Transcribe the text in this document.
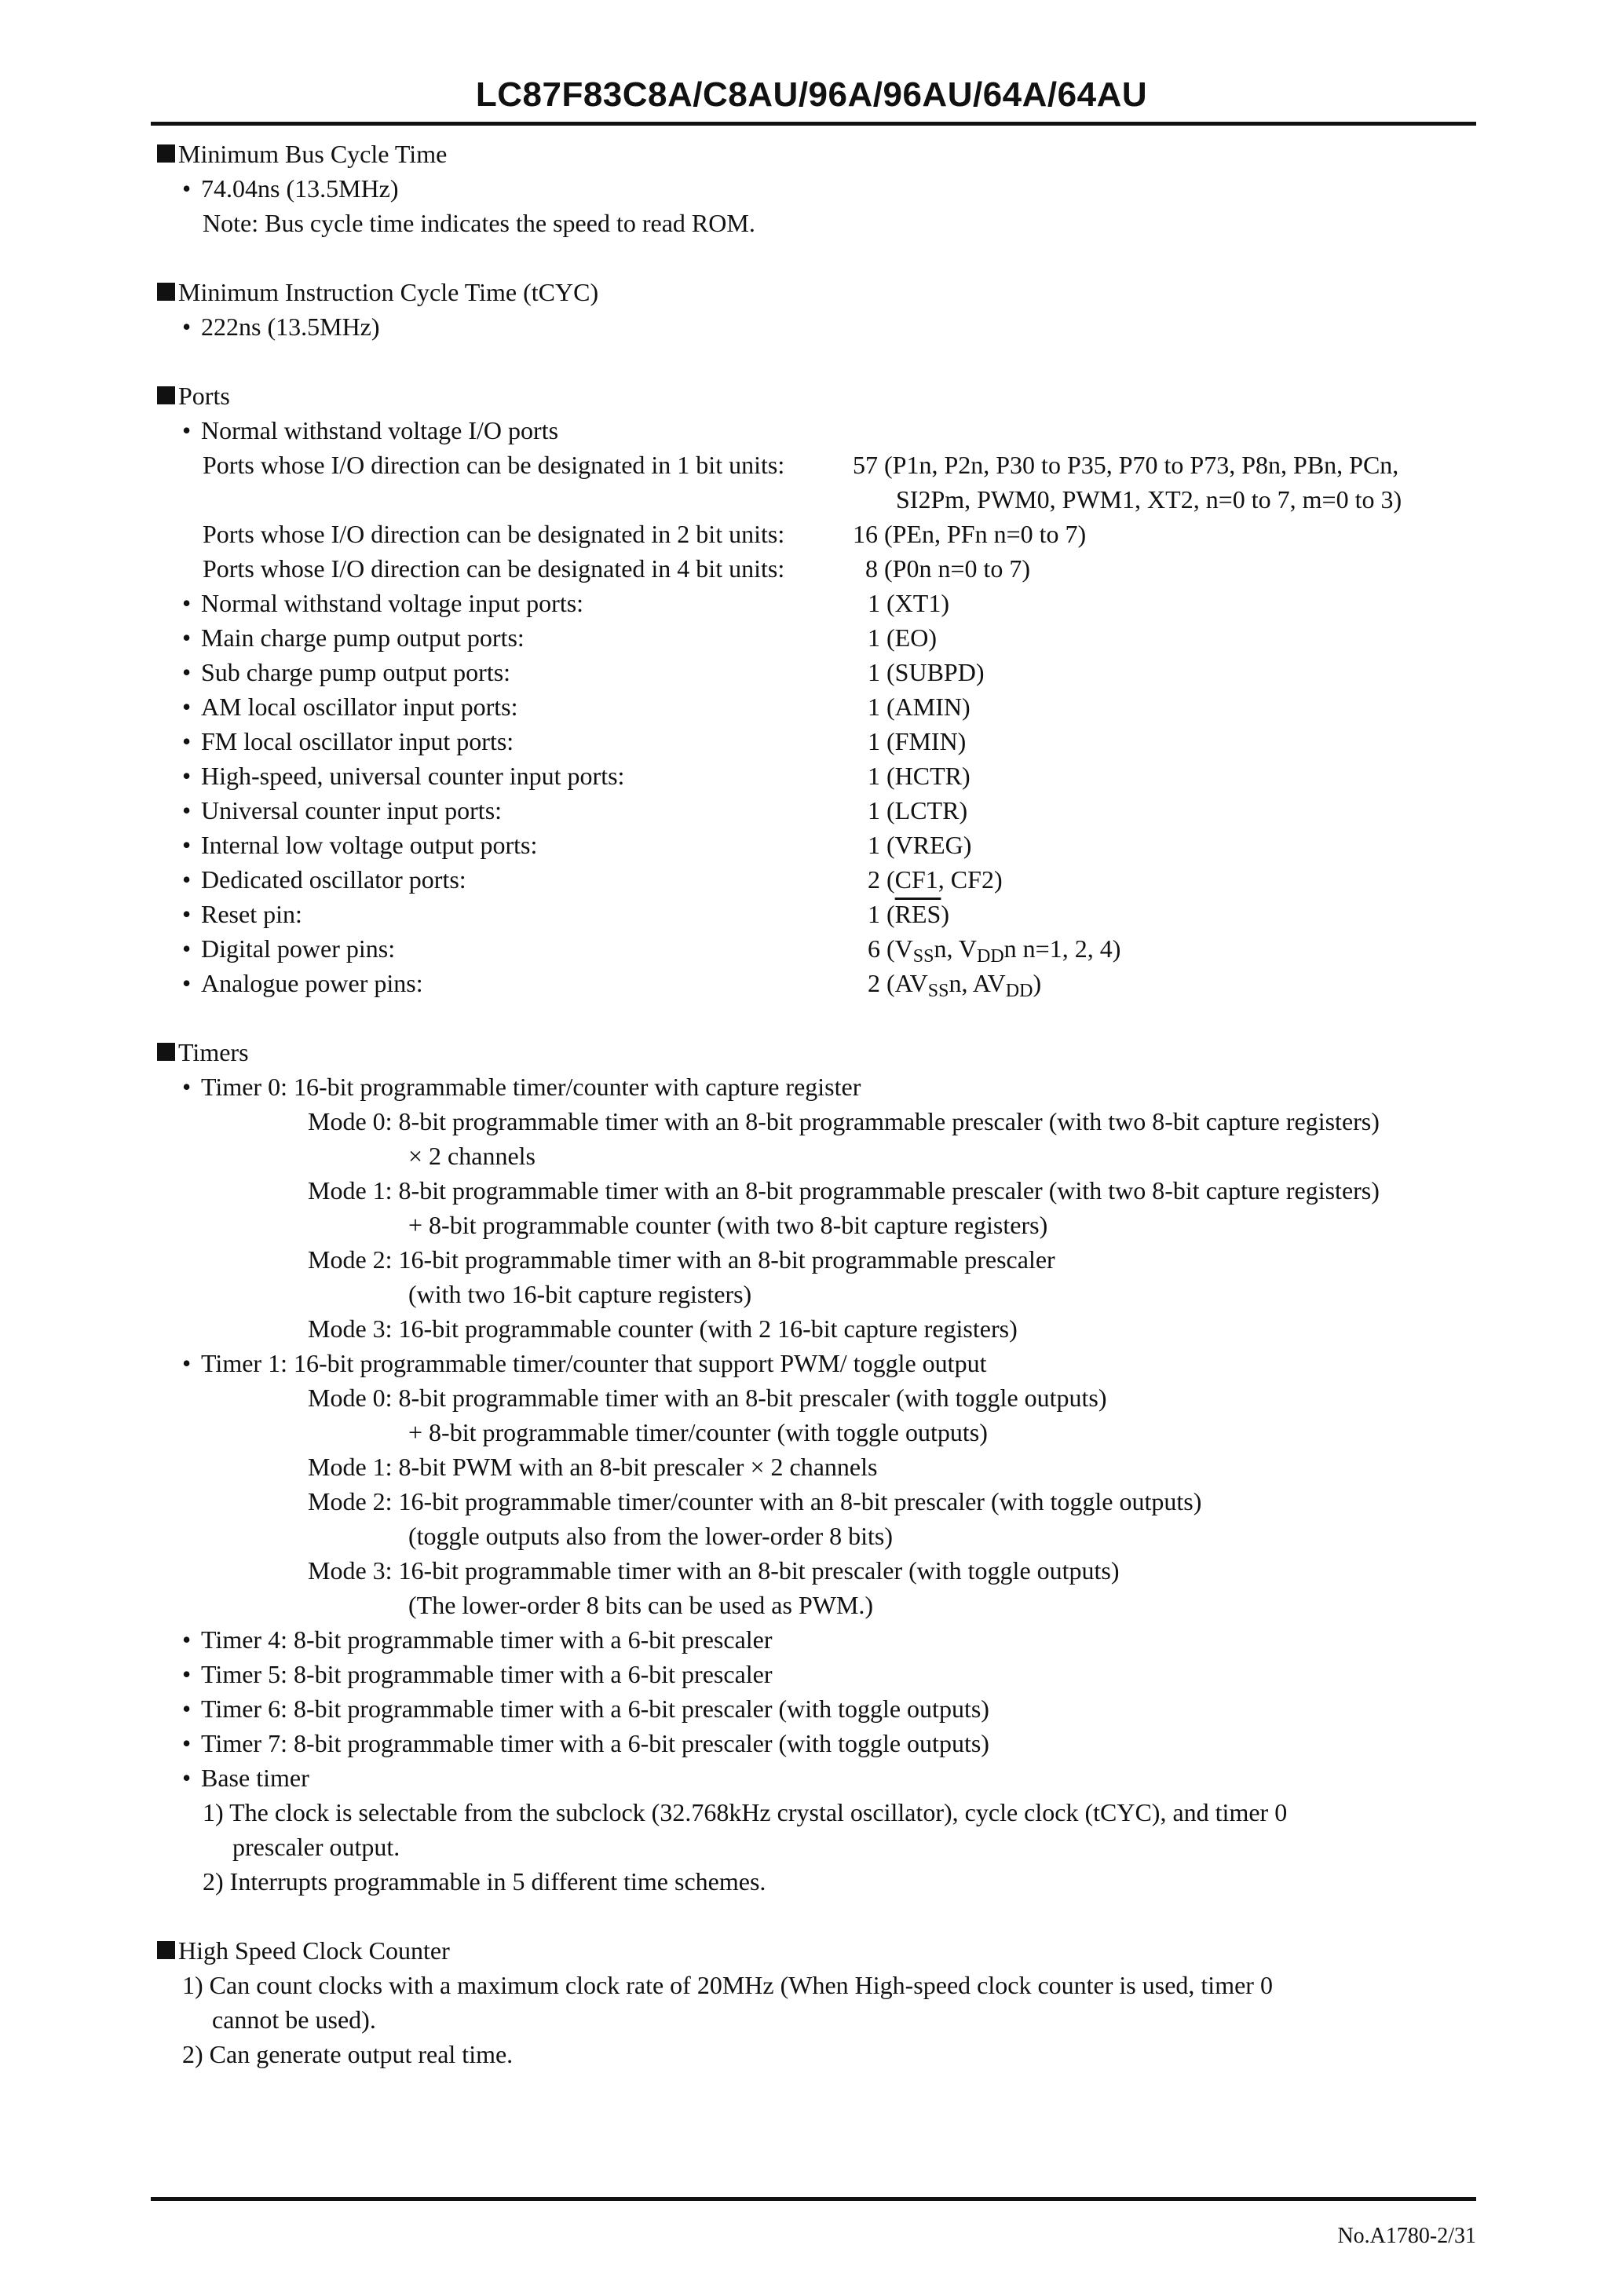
LC87F83C8A/C8AU/96A/96AU/64A/64AU
Minimum Bus Cycle Time
• 74.04ns (13.5MHz)
Note: Bus cycle time indicates the speed to read ROM.
Minimum Instruction Cycle Time (tCYC)
• 222ns (13.5MHz)
Ports
• Normal withstand voltage I/O ports
Ports whose I/O direction can be designated in 1 bit units:	57 (P1n, P2n, P30 to P35, P70 to P73, P8n, PBn, PCn,
SI2Pm, PWM0, PWM1, XT2, n=0 to 7, m=0 to 3)
Ports whose I/O direction can be designated in 2 bit units:	16 (PEn, PFn n=0 to 7)
Ports whose I/O direction can be designated in 4 bit units:	8 (P0n n=0 to 7)
• Normal withstand voltage input ports:	1 (XT1)
• Main charge pump output ports:	1 (EO)
• Sub charge pump output ports:	1 (SUBPD)
• AM local oscillator input ports:	1 (AMIN)
• FM local oscillator input ports:	1 (FMIN)
• High-speed, universal counter input ports:	1 (HCTR)
• Universal counter input ports:	1 (LCTR)
• Internal low voltage output ports:	1 (VREG)
• Dedicated oscillator ports:	2 (CF1, CF2)
• Reset pin:	1 $(\overline{RES})$
• Digital power pins:	6 ($V_{SS}n$, $V_{DD}n$ n=1, 2, 4)
• Analogue power pins:	2 ($AV_{SS}n$, $AV_{DD}$)
Timers
• Timer 0: 16-bit programmable timer/counter with capture register
Mode 0: 8-bit programmable timer with an 8-bit programmable prescaler (with two 8-bit capture registers)
× 2 channels
Mode 1: 8-bit programmable timer with an 8-bit programmable prescaler (with two 8-bit capture registers)
+ 8-bit programmable counter (with two 8-bit capture registers)
Mode 2: 16-bit programmable timer with an 8-bit programmable prescaler
(with two 16-bit capture registers)
Mode 3: 16-bit programmable counter (with 2 16-bit capture registers)
• Timer 1: 16-bit programmable timer/counter that support PWM/ toggle output
Mode 0: 8-bit programmable timer with an 8-bit prescaler (with toggle outputs)
+ 8-bit programmable timer/counter (with toggle outputs)
Mode 1: 8-bit PWM with an 8-bit prescaler × 2 channels
Mode 2: 16-bit programmable timer/counter with an 8-bit prescaler (with toggle outputs)
(toggle outputs also from the lower-order 8 bits)
Mode 3: 16-bit programmable timer with an 8-bit prescaler (with toggle outputs)
(The lower-order 8 bits can be used as PWM.)
• Timer 4: 8-bit programmable timer with a 6-bit prescaler
• Timer 5: 8-bit programmable timer with a 6-bit prescaler
• Timer 6: 8-bit programmable timer with a 6-bit prescaler (with toggle outputs)
• Timer 7: 8-bit programmable timer with a 6-bit prescaler (with toggle outputs)
• Base timer
1) The clock is selectable from the subclock (32.768kHz crystal oscillator), cycle clock (tCYC), and timer 0
prescaler output.
2) Interrupts programmable in 5 different time schemes.
High Speed Clock Counter
1) Can count clocks with a maximum clock rate of 20MHz (When High-speed clock counter is used, timer 0
cannot be used).
2) Can generate output real time.
No.A1780-2/31
